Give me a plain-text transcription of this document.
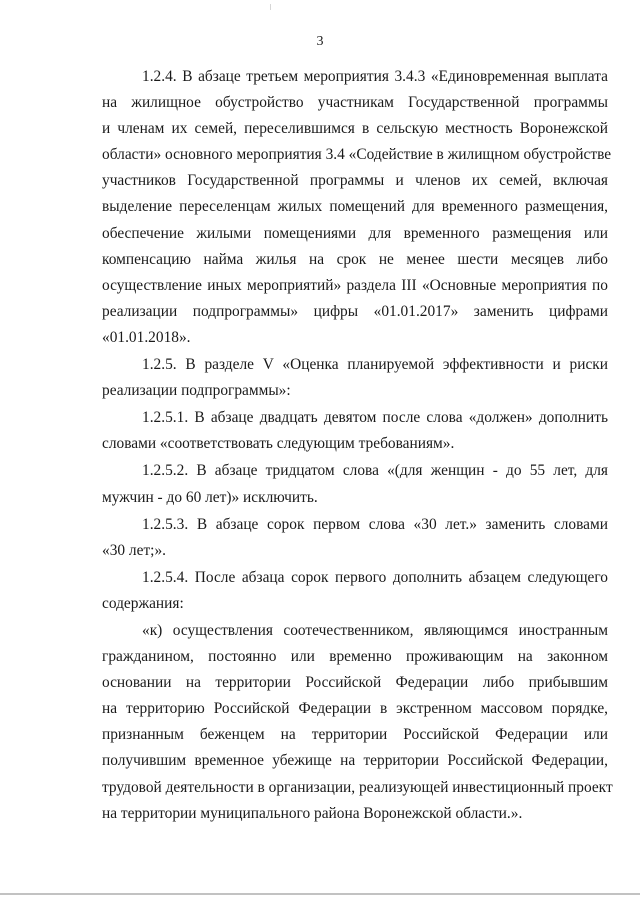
3

1.2.4. В абзаце третьем мероприятия 3.4.3 «Единовременная выплата
на жилищное обустройство участникам Государственной программы
и членам их семей, переселившимся в сельскую местность Воронежской
области» основного мероприятия 3.4 «Содействие в жилищном обустройстве
участников Государственной программы и членов их семей, включая
выделение переселенцам жилых помещений для временного размещения,
обеспечение жилыми помещениями для временного размещения или
компенсацию найма жилья на срок не менее шести месяцев либо
осуществление иных мероприятий» раздела III «Основные мероприятия по
реализации подпрограммы» цифры «01.01.2017» заменить цифрами
«01.01.2018».

1.2.5. В разделе V «Оценка планируемой эффективности и риски
реализации подпрограммы»:

1.2.5.1. В абзаце двадцать девятом после слова «должен» дополнить
словами «соответствовать следующим требованиям».

1.2.5.2. В абзаце тридцатом слова «(для женщин - до 55 лет, для
мужчин - до 60 лет)» исключить.

1.2.5.3. В абзаце сорок первом слова «30 лет.» заменить словами
«30 лет;».

1.2.5.4. После абзаца сорок первого дополнить абзацем следующего
содержания:

«к) осуществления соотечественником, являющимся иностранным
гражданином, постоянно или временно проживающим на законном
основании на территории Российской Федерации либо прибывшим
на территорию Российской Федерации в экстренном массовом порядке,
признанным беженцем на территории Российской Федерации или
получившим временное убежище на территории Российской Федерации,
трудовой деятельности в организации, реализующей инвестиционный проект
на территории муниципального района Воронежской области.».
